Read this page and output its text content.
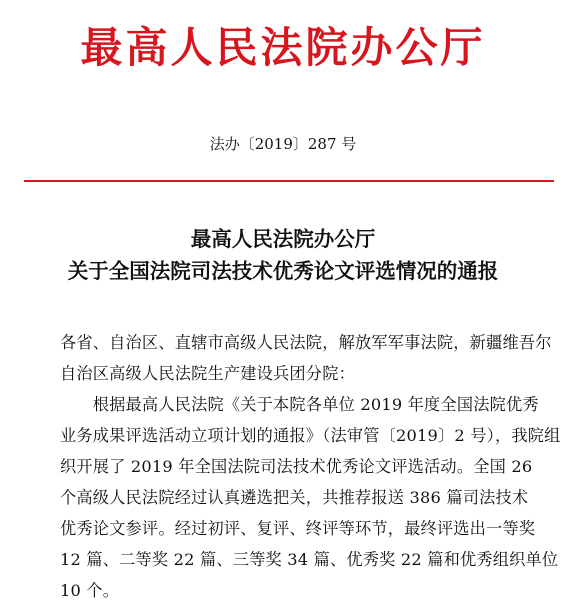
最高人民法院办公厅
法办〔2019〕287 号
最高人民法院办公厅
关于全国法院司法技术优秀论文评选情况的通报
各省、自治区、直辖市高级人民法院，解放军军事法院，新疆维吾尔
自治区高级人民法院生产建设兵团分院：
　　根据最高人民法院《关于本院各单位 2019 年度全国法院优秀
业务成果评选活动立项计划的通报》（法审管〔2019〕2 号），我院组
织开展了 2019 年全国法院司法技术优秀论文评选活动。全国 26
个高级人民法院经过认真遴选把关，共推荐报送 386 篇司法技术
优秀论文参评。经过初评、复评、终评等环节，最终评选出一等奖
12 篇、二等奖 22 篇、三等奖 34 篇、优秀奖 22 篇和优秀组织单位
10 个。
